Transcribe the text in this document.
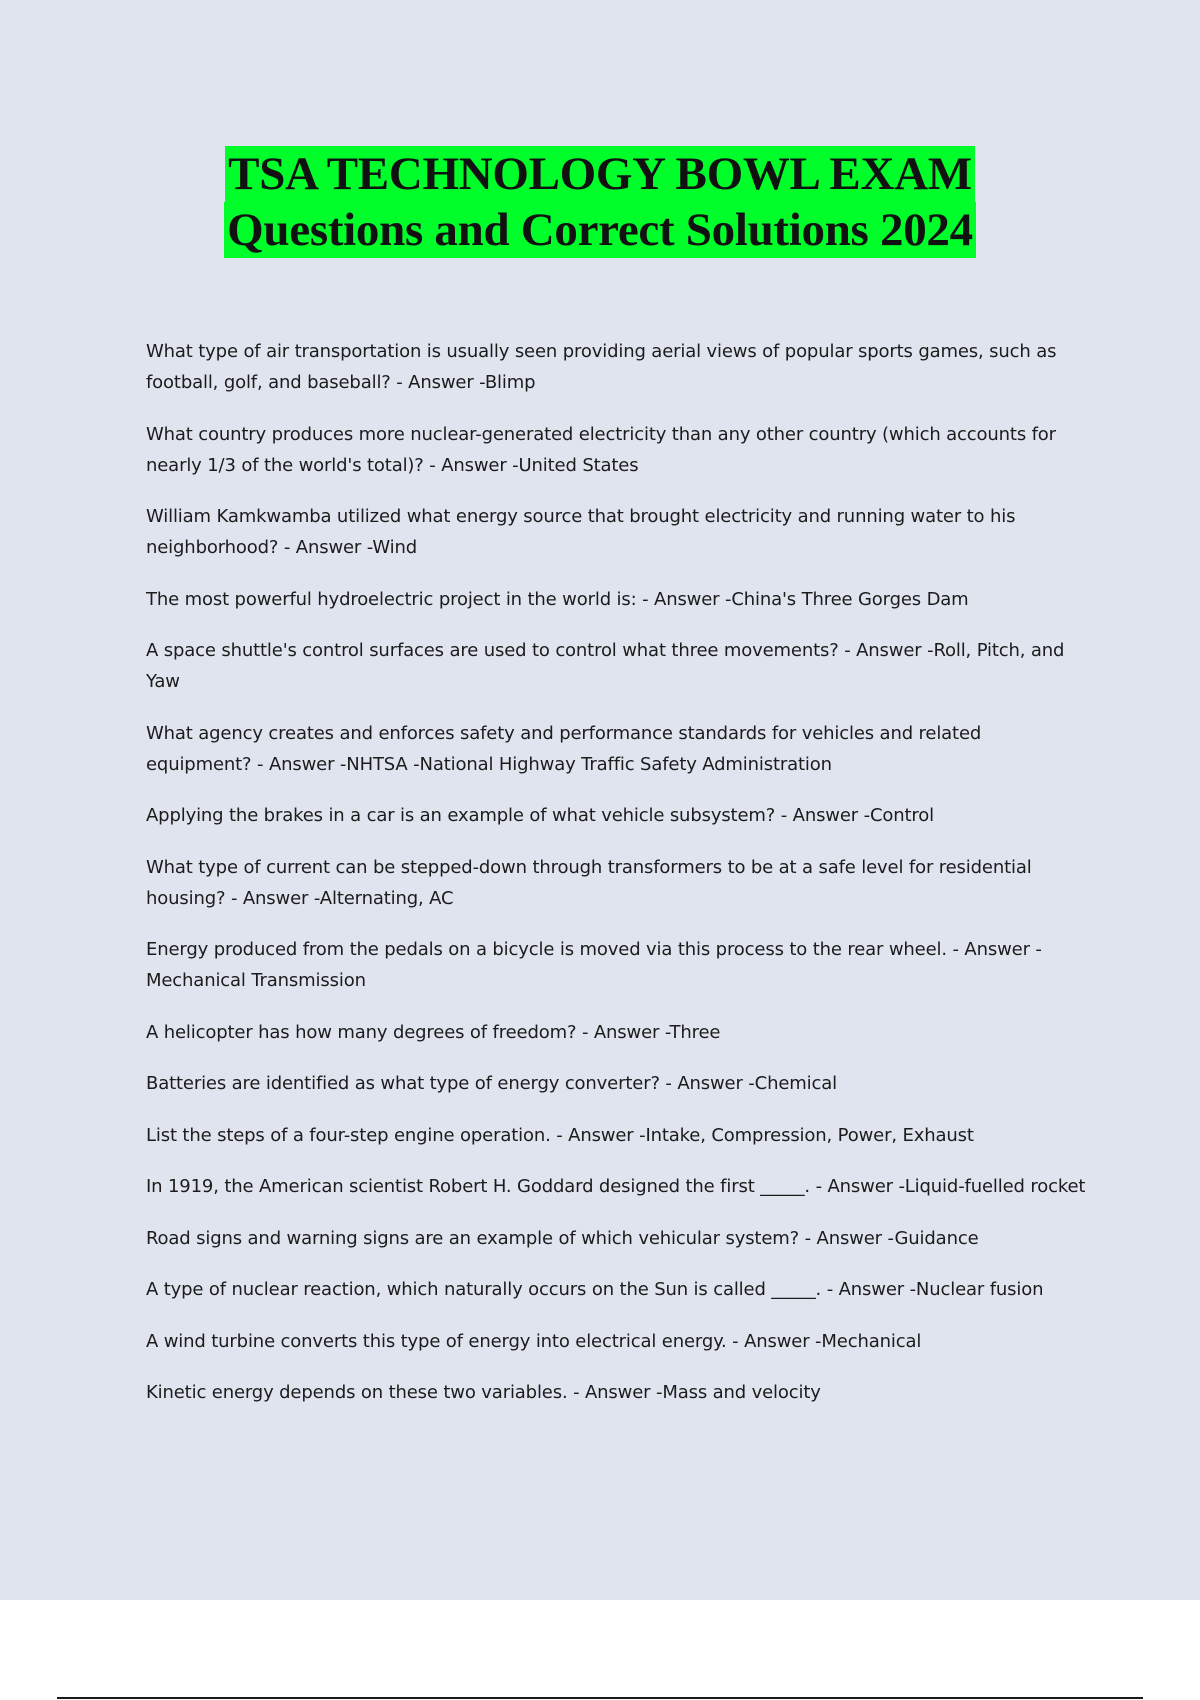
TSA TECHNOLOGY BOWL EXAM
Questions and Correct Solutions 2024
What type of air transportation is usually seen providing aerial views of popular sports games, such as football, golf, and baseball? - Answer -Blimp
What country produces more nuclear-generated electricity than any other country (which accounts for nearly 1/3 of the world's total)? - Answer -United States
William Kamkwamba utilized what energy source that brought electricity and running water to his neighborhood? - Answer -Wind
The most powerful hydroelectric project in the world is: - Answer -China's Three Gorges Dam
A space shuttle's control surfaces are used to control what three movements? - Answer -Roll, Pitch, and Yaw
What agency creates and enforces safety and performance standards for vehicles and related equipment? - Answer -NHTSA -National Highway Traffic Safety Administration
Applying the brakes in a car is an example of what vehicle subsystem? - Answer -Control
What type of current can be stepped-down through transformers to be at a safe level for residential housing? - Answer -Alternating, AC
Energy produced from the pedals on a bicycle is moved via this process to the rear wheel. - Answer -Mechanical Transmission
A helicopter has how many degrees of freedom? - Answer -Three
Batteries are identified as what type of energy converter? - Answer -Chemical
List the steps of a four-step engine operation. - Answer -Intake, Compression, Power, Exhaust
In 1919, the American scientist Robert H. Goddard designed the first _____. - Answer -Liquid-fuelled rocket
Road signs and warning signs are an example of which vehicular system? - Answer -Guidance
A type of nuclear reaction, which naturally occurs on the Sun is called _____. - Answer -Nuclear fusion
A wind turbine converts this type of energy into electrical energy. - Answer -Mechanical
Kinetic energy depends on these two variables. - Answer -Mass and velocity
